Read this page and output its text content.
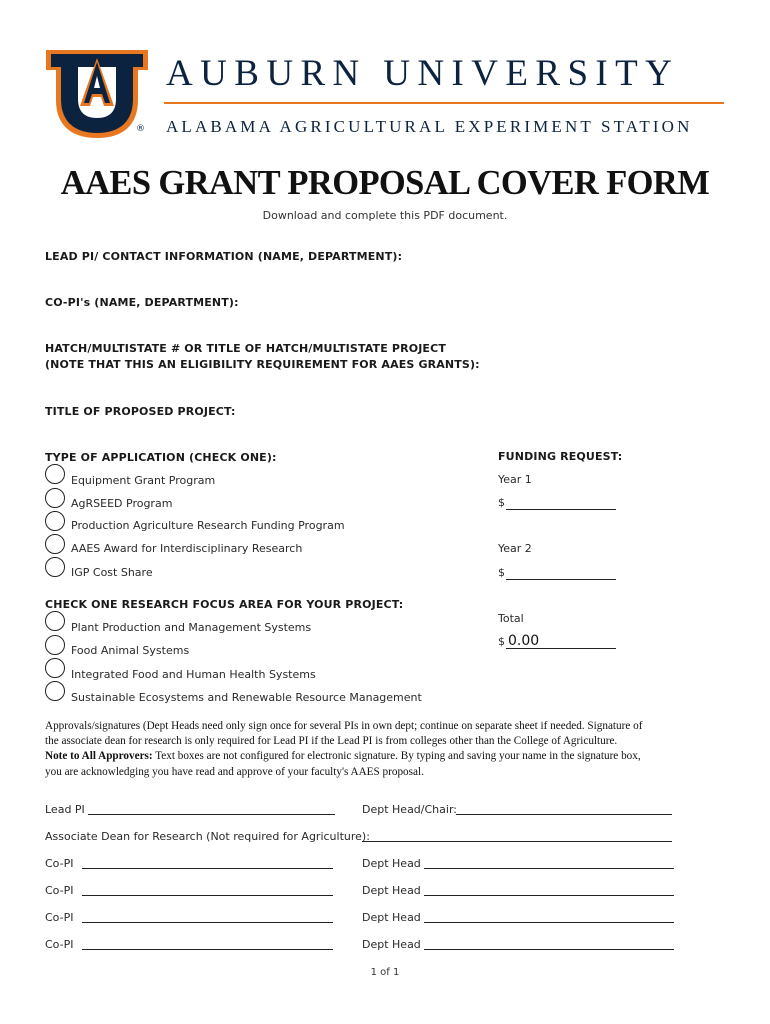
®
AUBURN UNIVERSITY
ALABAMA AGRICULTURAL EXPERIMENT STATION
AAES GRANT PROPOSAL COVER FORM
Download and complete this PDF document.
LEAD PI/ CONTACT INFORMATION (NAME, DEPARTMENT):
CO-PI's (NAME, DEPARTMENT):
HATCH/MULTISTATE # OR TITLE OF HATCH/MULTISTATE PROJECT
(NOTE THAT THIS AN ELIGIBILITY REQUIREMENT FOR AAES GRANTS):
TITLE OF PROPOSED PROJECT:
TYPE OF APPLICATION (CHECK ONE):
Equipment Grant Program
AgRSEED Program
Production Agriculture Research Funding Program
AAES Award for Interdisciplinary Research
IGP Cost Share
FUNDING REQUEST:
Year 1
$
Year 2
$
Total
$ 0.00
CHECK ONE RESEARCH FOCUS AREA FOR YOUR PROJECT:
Plant Production and Management Systems
Food Animal Systems
Integrated Food and Human Health Systems
Sustainable Ecosystems and Renewable Resource Management
Approvals/signatures (Dept Heads need only sign once for several PIs in own dept; continue on separate sheet if needed. Signature of
the associate dean for research is only required for Lead PI if the Lead PI is from colleges other than the College of Agriculture.
Note to All Approvers: Text boxes are not configured for electronic signature. By typing and saving your name in the signature box,
you are acknowledging you have read and approve of your faculty's AAES proposal.
Lead PI	Dept Head/Chair:
Associate Dean for Research (Not required for Agriculture):
Co-PI	Dept Head
Co-PI	Dept Head
Co-PI	Dept Head
Co-PI	Dept Head
1 of 1
